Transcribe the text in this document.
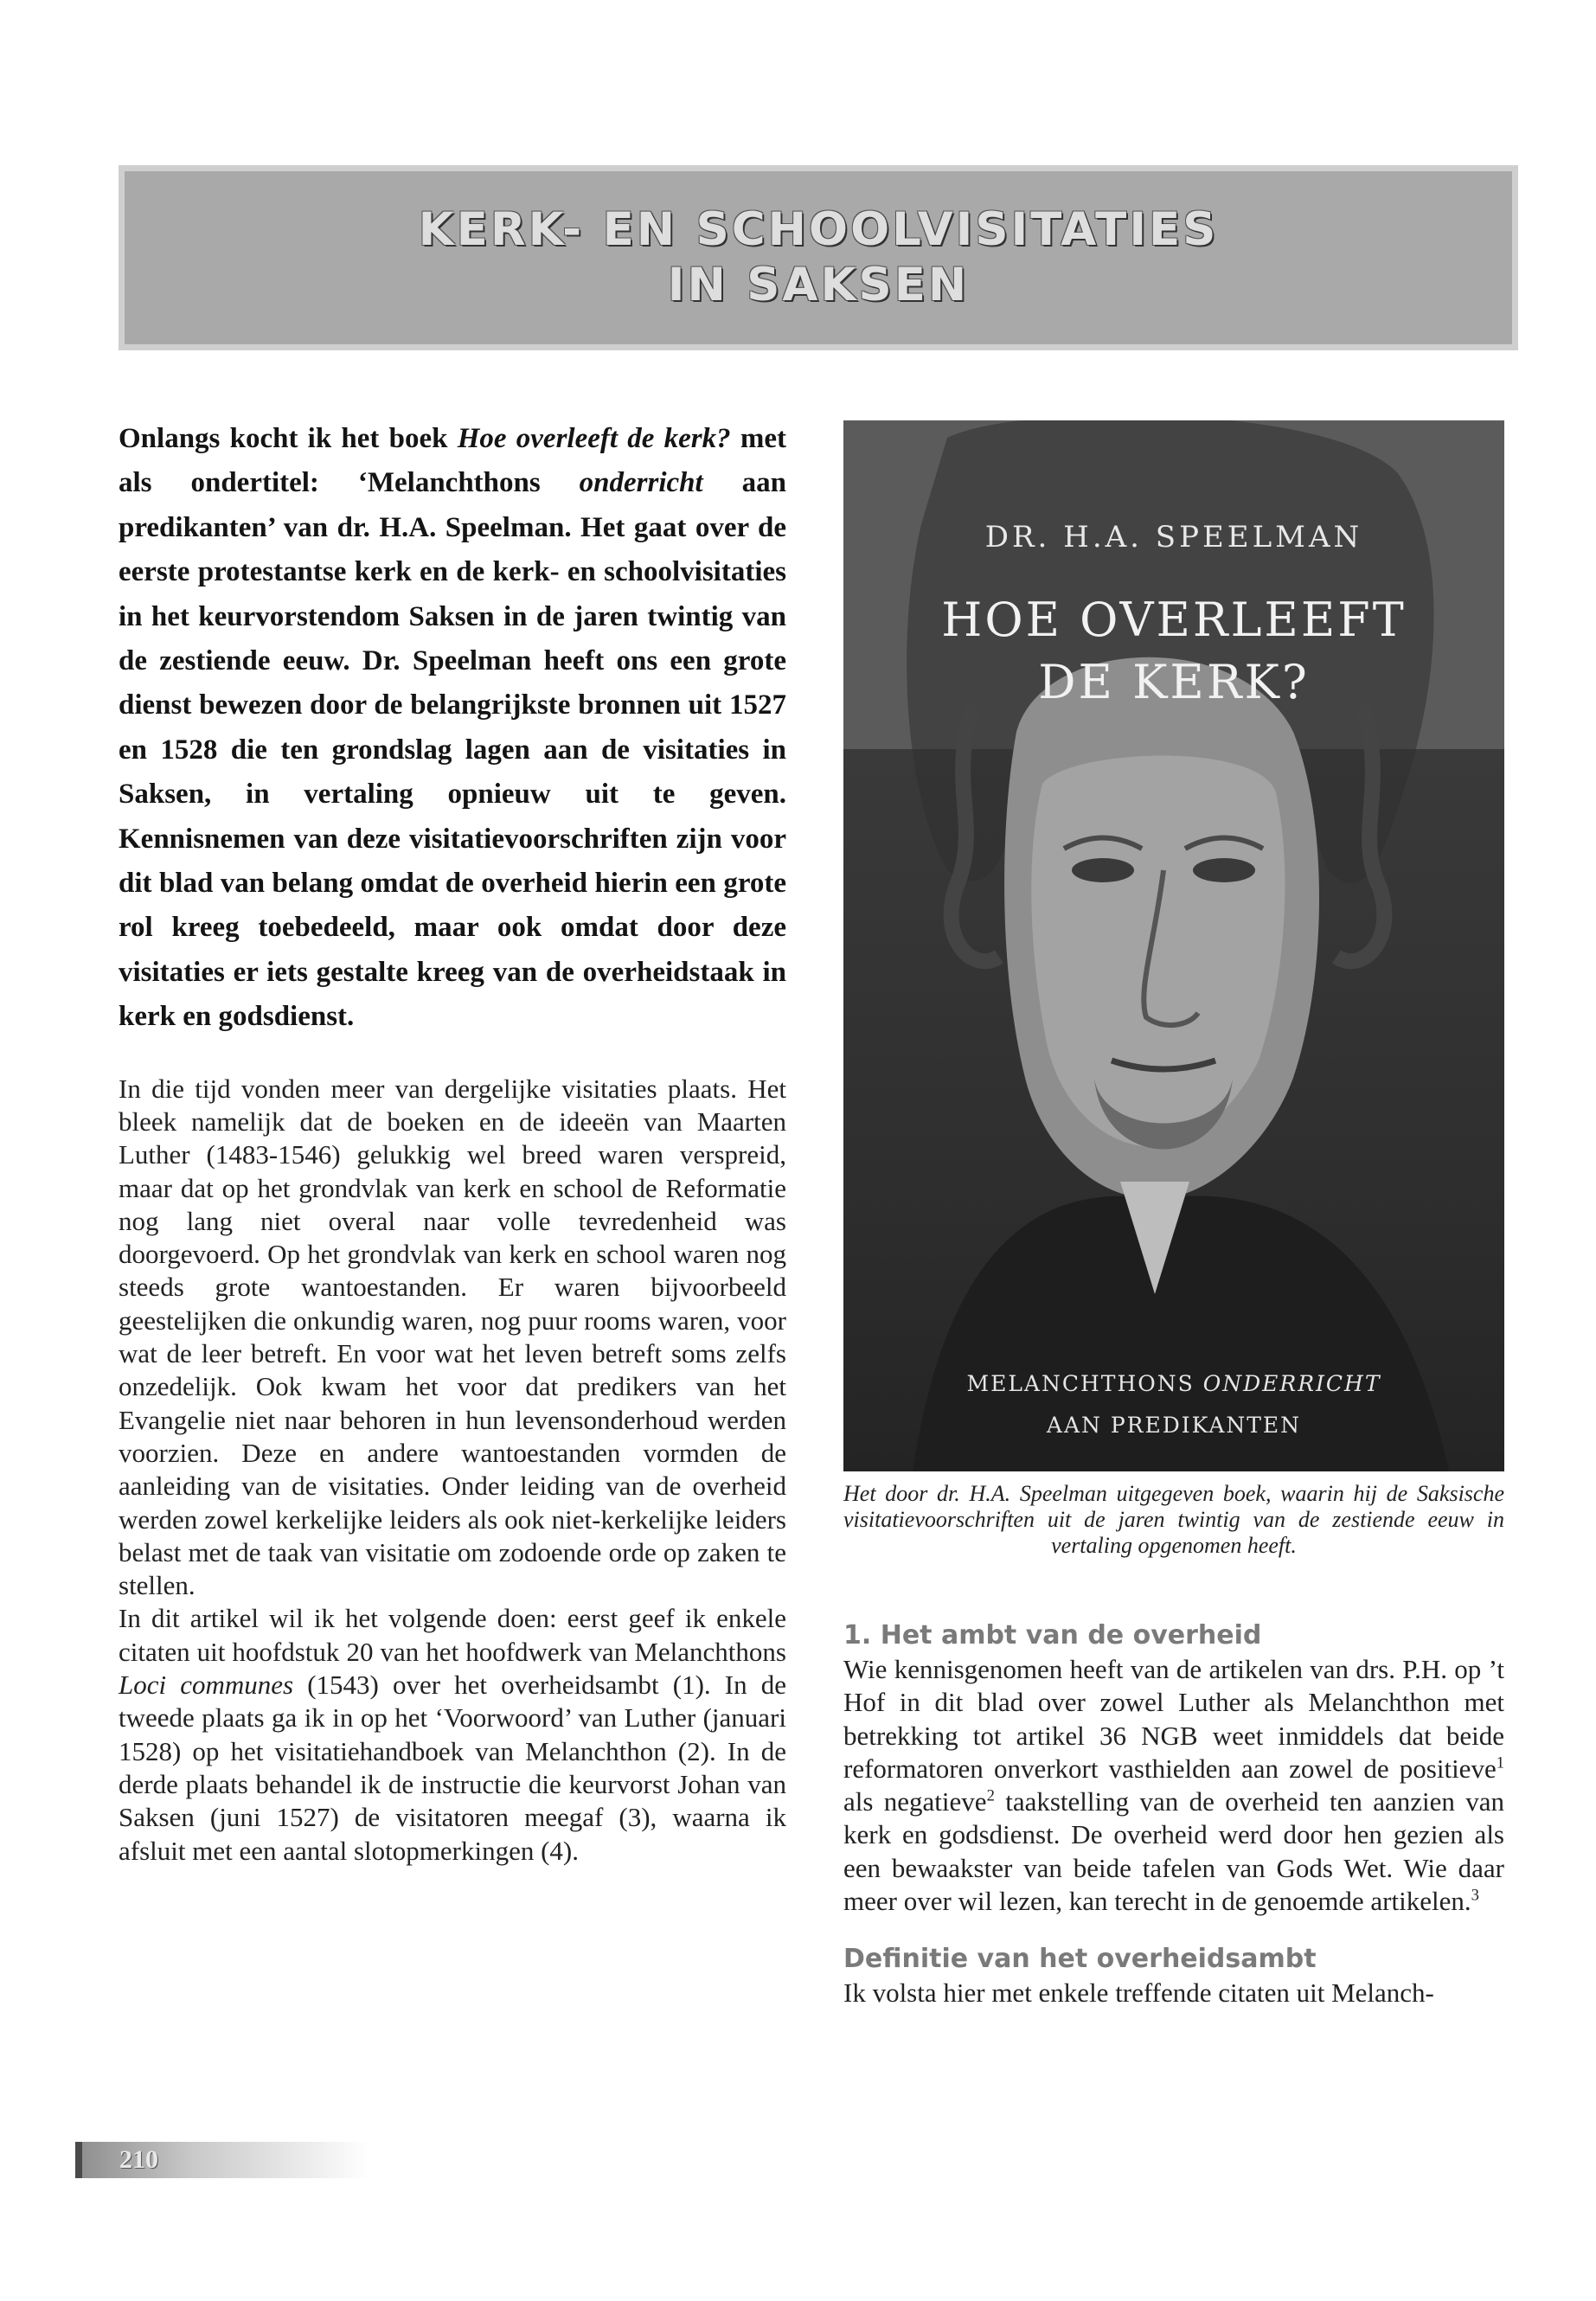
KERK- EN SCHOOLVISITATIES
IN SAKSEN

Onlangs kocht ik het boek Hoe overleeft de kerk? met als ondertitel: ‘Melanchthons onderricht aan predikanten’ van dr. H.A. Speelman. Het gaat over de eerste protestantse kerk en de kerk- en schoolvisitaties in het keurvorstendom Saksen in de jaren twintig van de zestiende eeuw. Dr. Speelman heeft ons een grote dienst bewezen door de belangrijkste bronnen uit 1527 en 1528 die ten grondslag lagen aan de visitaties in Saksen, in vertaling opnieuw uit te geven. Kennisnemen van deze visitatievoorschriften zijn voor dit blad van belang omdat de overheid hierin een grote rol kreeg toebedeeld, maar ook omdat door deze visitaties er iets gestalte kreeg van de overheidstaak in kerk en godsdienst.

In die tijd vonden meer van dergelijke visitaties plaats. Het bleek namelijk dat de boeken en de ideeën van Maarten Luther (1483-1546) gelukkig wel breed waren verspreid, maar dat op het grondvlak van kerk en school de Reformatie nog lang niet overal naar volle tevredenheid was doorgevoerd. Op het grondvlak van kerk en school waren nog steeds grote wantoestanden. Er waren bijvoorbeeld geestelijken die onkundig waren, nog puur rooms waren, voor wat de leer betreft. En voor wat het leven betreft soms zelfs onzedelijk. Ook kwam het voor dat predikers van het Evangelie niet naar behoren in hun levensonderhoud werden voorzien. Deze en andere wantoestanden vormden de aanleiding van de visitaties. Onder leiding van de overheid werden zowel kerkelijke leiders als ook niet-kerkelijke leiders belast met de taak van visitatie om zodoende orde op zaken te stellen.

In dit artikel wil ik het volgende doen: eerst geef ik enkele citaten uit hoofdstuk 20 van het hoofdwerk van Melanchthons Loci communes (1543) over het overheidsambt (1). In de tweede plaats ga ik in op het ‘Voorwoord’ van Luther (januari 1528) op het visitatiehandboek van Melanchthon (2). In de derde plaats behandel ik de instructie die keurvorst Johan van Saksen (juni 1527) de visitatoren meegaf (3), waarna ik afsluit met een aantal slotopmerkingen (4).

DR. H.A. SPEELMAN
HOE OVERLEEFT
DE KERK?
MELANCHTHONS ONDERRICHT
AAN PREDIKANTEN

Het door dr. H.A. Speelman uitgegeven boek, waarin hij de Saksische visitatievoorschriften uit de jaren twintig van de zestiende eeuw in vertaling opgenomen heeft.

1. Het ambt van de overheid

Wie kennisgenomen heeft van de artikelen van drs. P.H. op ’t Hof in dit blad over zowel Luther als Melanchthon met betrekking tot artikel 36 NGB weet inmiddels dat beide reformatoren onverkort vasthielden aan zowel de positieve$^1$ als negatieve$^2$ taakstelling van de overheid ten aanzien van kerk en godsdienst. De overheid werd door hen gezien als een bewaakster van beide tafelen van Gods Wet. Wie daar meer over wil lezen, kan terecht in de genoemde artikelen.$^3$

Definitie van het overheidsambt

Ik volsta hier met enkele treffende citaten uit Melanch-

210
